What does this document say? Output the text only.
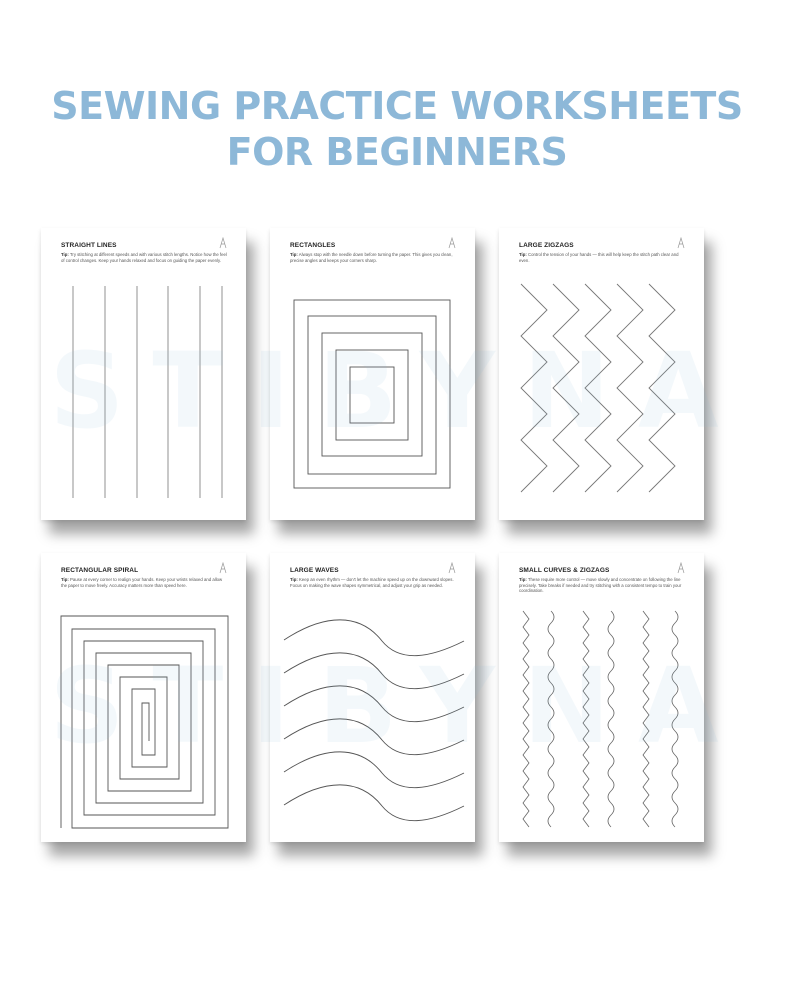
SEWING PRACTICE WORKSHEETS
FOR BEGINNERS
STRAIGHT LINES
Tip: Try stitching at different speeds and with various stitch lengths. Notice how the feel of control changes. Keep your hands relaxed and focus on guiding the paper evenly.
RECTANGLES
Tip: Always stop with the needle down before turning the paper. This gives you clean, precise angles and keeps your corners sharp.
LARGE ZIGZAGS
Tip: Control the tension of your hands — this will help keep the stitch path clear and even.
RECTANGULAR SPIRAL
Tip: Pause at every corner to realign your hands. Keep your wrists relaxed and allow the paper to move freely. Accuracy matters more than speed here.
LARGE WAVES
Tip: Keep an even rhythm — don't let the machine speed up on the downward slopes. Focus on making the wave shapes symmetrical, and adjust your grip as needed.
SMALL CURVES & ZIGZAGS
Tip: These require more control — move slowly and concentrate on following the line precisely. Take breaks if needed and try stitching with a consistent tempo to train your coordination.
